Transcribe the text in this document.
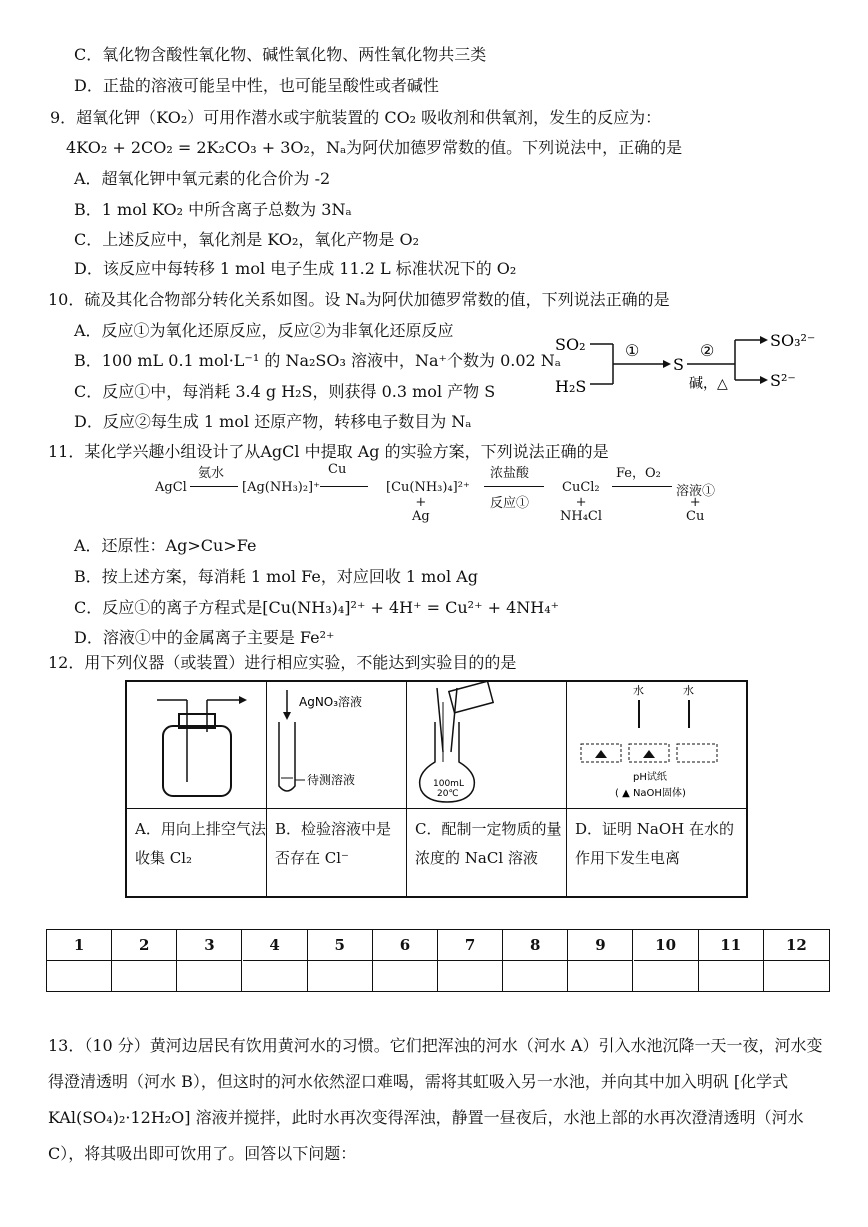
C．氧化物含酸性氧化物、碱性氧化物、两性氧化物共三类
D．正盐的溶液可能呈中性，也可能呈酸性或者碱性
9．超氧化钾（KO₂）可用作潜水或宇航装置的 CO₂ 吸收剂和供氧剂，发生的反应为：
4KO₂ + 2CO₂ = 2K₂CO₃ + 3O₂，Nₐ为阿伏加德罗常数的值。下列说法中，正确的是
A．超氧化钾中氧元素的化合价为 -2
B．1 mol KO₂ 中所含离子总数为 3Nₐ
C．上述反应中，氧化剂是 KO₂，氧化产物是 O₂
D．该反应中每转移 1 mol 电子生成 11.2 L 标准状况下的 O₂
10．硫及其化合物部分转化关系如图。设 Nₐ为阿伏加德罗常数的值，下列说法正确的是
A．反应①为氧化还原反应，反应②为非氧化还原反应
B．100 mL 0.1 mol·L⁻¹ 的 Na₂SO₃ 溶液中，Na⁺个数为 0.02 Nₐ
C．反应①中，每消耗 3.4 g H₂S，则获得 0.3 mol 产物 S
D．反应②每生成 1 mol 还原产物，转移电子数目为 Nₐ
SO₂
H₂S
①
S
②
碱，△
SO₃²⁻
S²⁻
11．某化学兴趣小组设计了从AgCl 中提取 Ag 的实验方案，下列说法正确的是
AgCl
氨水
[Ag(NH₃)₂]⁺
Cu
[Cu(NH₃)₄]²⁺
+
Ag
浓盐酸
反应①
CuCl₂
+
NH₄Cl
Fe，O₂
溶液①
+
Cu
A．还原性：Ag>Cu>Fe
B．按上述方案，每消耗 1 mol Fe，对应回收 1 mol Ag
C．反应①的离子方程式是[Cu(NH₃)₄]²⁺ + 4H⁺ = Cu²⁺ + 4NH₄⁺
D．溶液①中的金属离子主要是 Fe²⁺
12．用下列仪器（或装置）进行相应实验，不能达到实验目的的是
AgNO₃溶液
待测溶液	100mL
20℃
水	水
pH试纸
( ▲ NaOH固体)
A．用向上排空气法收集 Cl₂
B．检验溶液中是否存在 Cl⁻
C．配制一定物质的量浓度的 NaCl 溶液
D．证明 NaOH 在水的
作用下发生电离
1	2	3	4	5	6	7	8	9	10	11	12
13．（10 分）黄河边居民有饮用黄河水的习惯。它们把浑浊的河水（河水 A）引入水池沉降一天一夜，河水变得澄清透明（河水 B），但这时的河水依然涩口难喝，需将其虹吸入另一水池，并向其中加入明矾 [化学式 KAl(SO₄)₂·12H₂O] 溶液并搅拌，此时水再次变得浑浊，静置一昼夜后，水池上部的水再次澄清透明（河水 C），将其吸出即可饮用了。回答以下问题：
